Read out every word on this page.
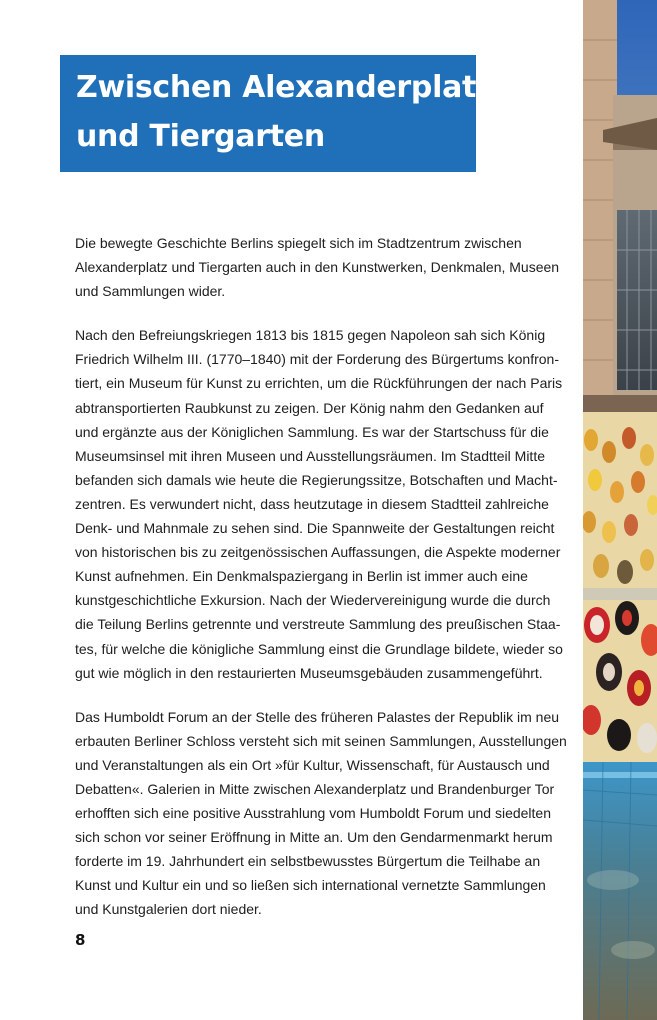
Zwischen Alexanderplatz
und Tiergarten
Die bewegte Geschichte Berlins spiegelt sich im Stadtzentrum zwischen
Alexanderplatz und Tiergarten auch in den Kunstwerken, Denkmalen, Museen
und Sammlungen wider.
Nach den Befreiungskriegen 1813 bis 1815 gegen Napoleon sah sich König
Friedrich Wilhelm III. (1770–1840) mit der Forderung des Bürgertums konfron-
tiert, ein Museum für Kunst zu errichten, um die Rückführungen der nach Paris
abtransportierten Raubkunst zu zeigen. Der König nahm den Gedanken auf
und ergänzte aus der Königlichen Sammlung. Es war der Startschuss für die
Museumsinsel mit ihren Museen und Ausstellungsräumen. Im Stadtteil Mitte
befanden sich damals wie heute die Regierungssitze, Botschaften und Macht-
zentren. Es verwundert nicht, dass heutzutage in diesem Stadtteil zahlreiche
Denk- und Mahnmale zu sehen sind. Die Spannweite der Gestaltungen reicht
von historischen bis zu zeitgenössischen Auffassungen, die Aspekte moderner
Kunst aufnehmen. Ein Denkmalspaziergang in Berlin ist immer auch eine
kunstgeschichtliche Exkursion. Nach der Wiedervereinigung wurde die durch
die Teilung Berlins getrennte und verstreute Sammlung des preußischen Staa-
tes, für welche die königliche Sammlung einst die Grundlage bildete, wieder so
gut wie möglich in den restaurierten Museumsgebäuden zusammengeführt.
Das Humboldt Forum an der Stelle des früheren Palastes der Republik im neu
erbauten Berliner Schloss versteht sich mit seinen Sammlungen, Ausstellungen
und Veranstaltungen als ein Ort »für Kultur, Wissenschaft, für Austausch und
Debatten«. Galerien in Mitte zwischen Alexanderplatz und Brandenburger Tor
erhofften sich eine positive Ausstrahlung vom Humboldt Forum und siedelten
sich schon vor seiner Eröffnung in Mitte an. Um den Gendarmenmarkt herum
forderte im 19. Jahrhundert ein selbstbewusstes Bürgertum die Teilhabe an
Kunst und Kultur ein und so ließen sich international vernetzte Sammlungen
und Kunstgalerien dort nieder.
8
